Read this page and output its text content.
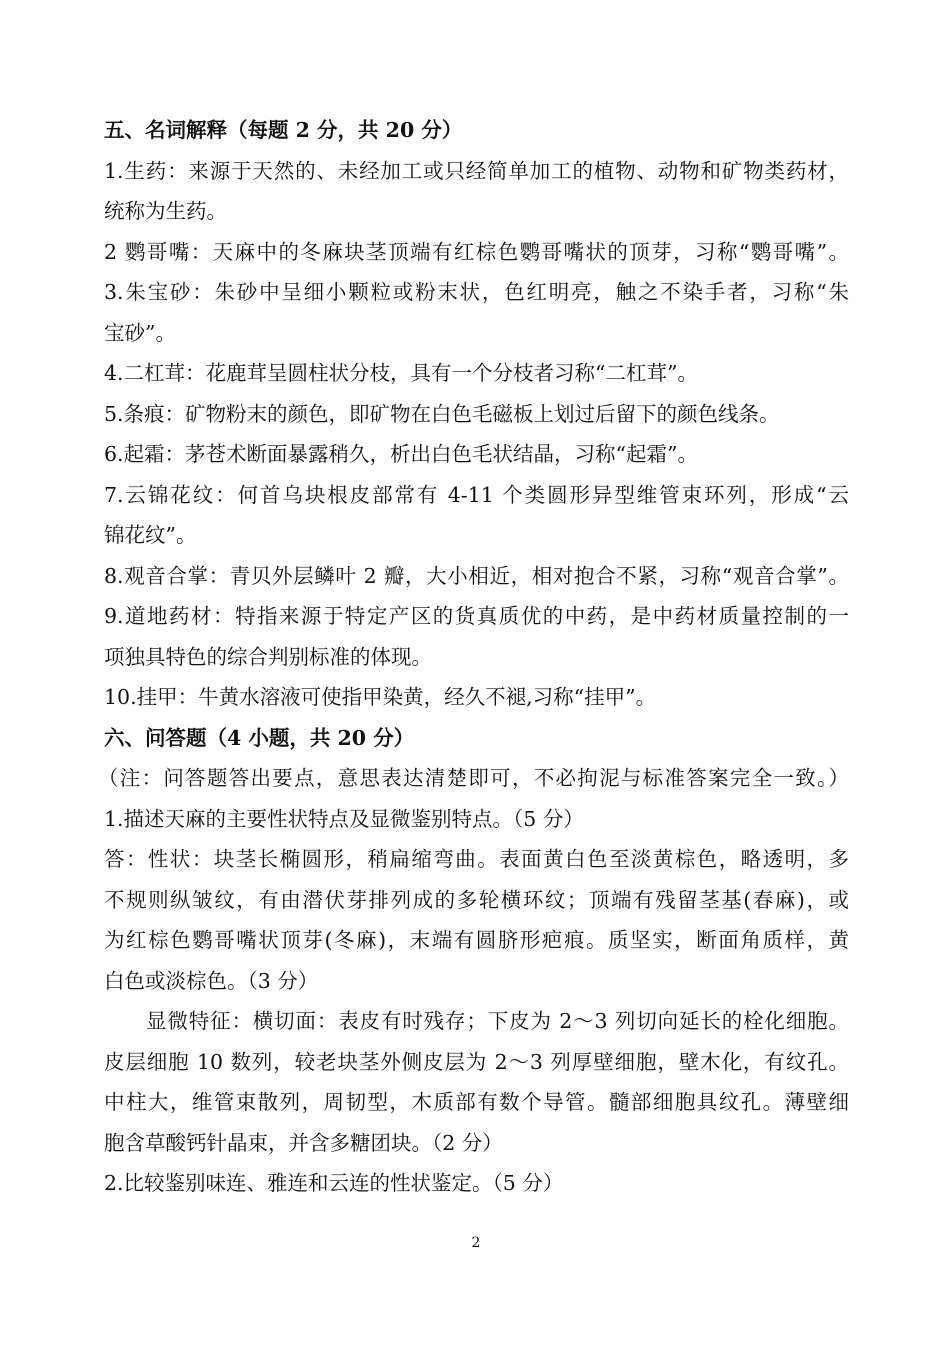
五、名词解释（每题 2 分，共 20 分）
1.生药：来源于天然的、未经加工或只经简单加工的植物、动物和矿物类药材，
统称为生药。
2 鹦哥嘴：天麻中的冬麻块茎顶端有红棕色鹦哥嘴状的顶芽，习称“鹦哥嘴”。
3.朱宝砂：朱砂中呈细小颗粒或粉末状，色红明亮，触之不染手者，习称“朱
宝砂”。
4.二杠茸：花鹿茸呈圆柱状分枝，具有一个分枝者习称“二杠茸”。
5.条痕：矿物粉末的颜色，即矿物在白色毛磁板上划过后留下的颜色线条。
6.起霜：茅苍术断面暴露稍久，析出白色毛状结晶，习称“起霜”。
7.云锦花纹：何首乌块根皮部常有 4-11 个类圆形异型维管束环列，形成“云
锦花纹”。
8.观音合掌：青贝外层鳞叶 2 瓣，大小相近，相对抱合不紧，习称“观音合掌”。
9.道地药材：特指来源于特定产区的货真质优的中药，是中药材质量控制的一
项独具特色的综合判别标准的体现。
10.挂甲：牛黄水溶液可使指甲染黄，经久不褪,习称“挂甲”。
六、问答题（4 小题，共 20 分）
（注：问答题答出要点，意思表达清楚即可，不必拘泥与标准答案完全一致。）
1.描述天麻的主要性状特点及显微鉴别特点。（5 分）
答：性状：块茎长椭圆形，稍扁缩弯曲。表面黄白色至淡黄棕色，略透明，多
不规则纵皱纹，有由潜伏芽排列成的多轮横环纹；顶端有残留茎基(春麻)，或
为红棕色鹦哥嘴状顶芽(冬麻)，末端有圆脐形疤痕。质坚实，断面角质样，黄
白色或淡棕色。（3 分）
显微特征：横切面：表皮有时残存；下皮为 2～3 列切向延长的栓化细胞。
皮层细胞 10 数列，较老块茎外侧皮层为 2～3 列厚壁细胞，壁木化，有纹孔。
中柱大，维管束散列，周韧型，木质部有数个导管。髓部细胞具纹孔。薄壁细
胞含草酸钙针晶束，并含多糖团块。（2 分）
2.比较鉴别味连、雅连和云连的性状鉴定。（5 分）
2
